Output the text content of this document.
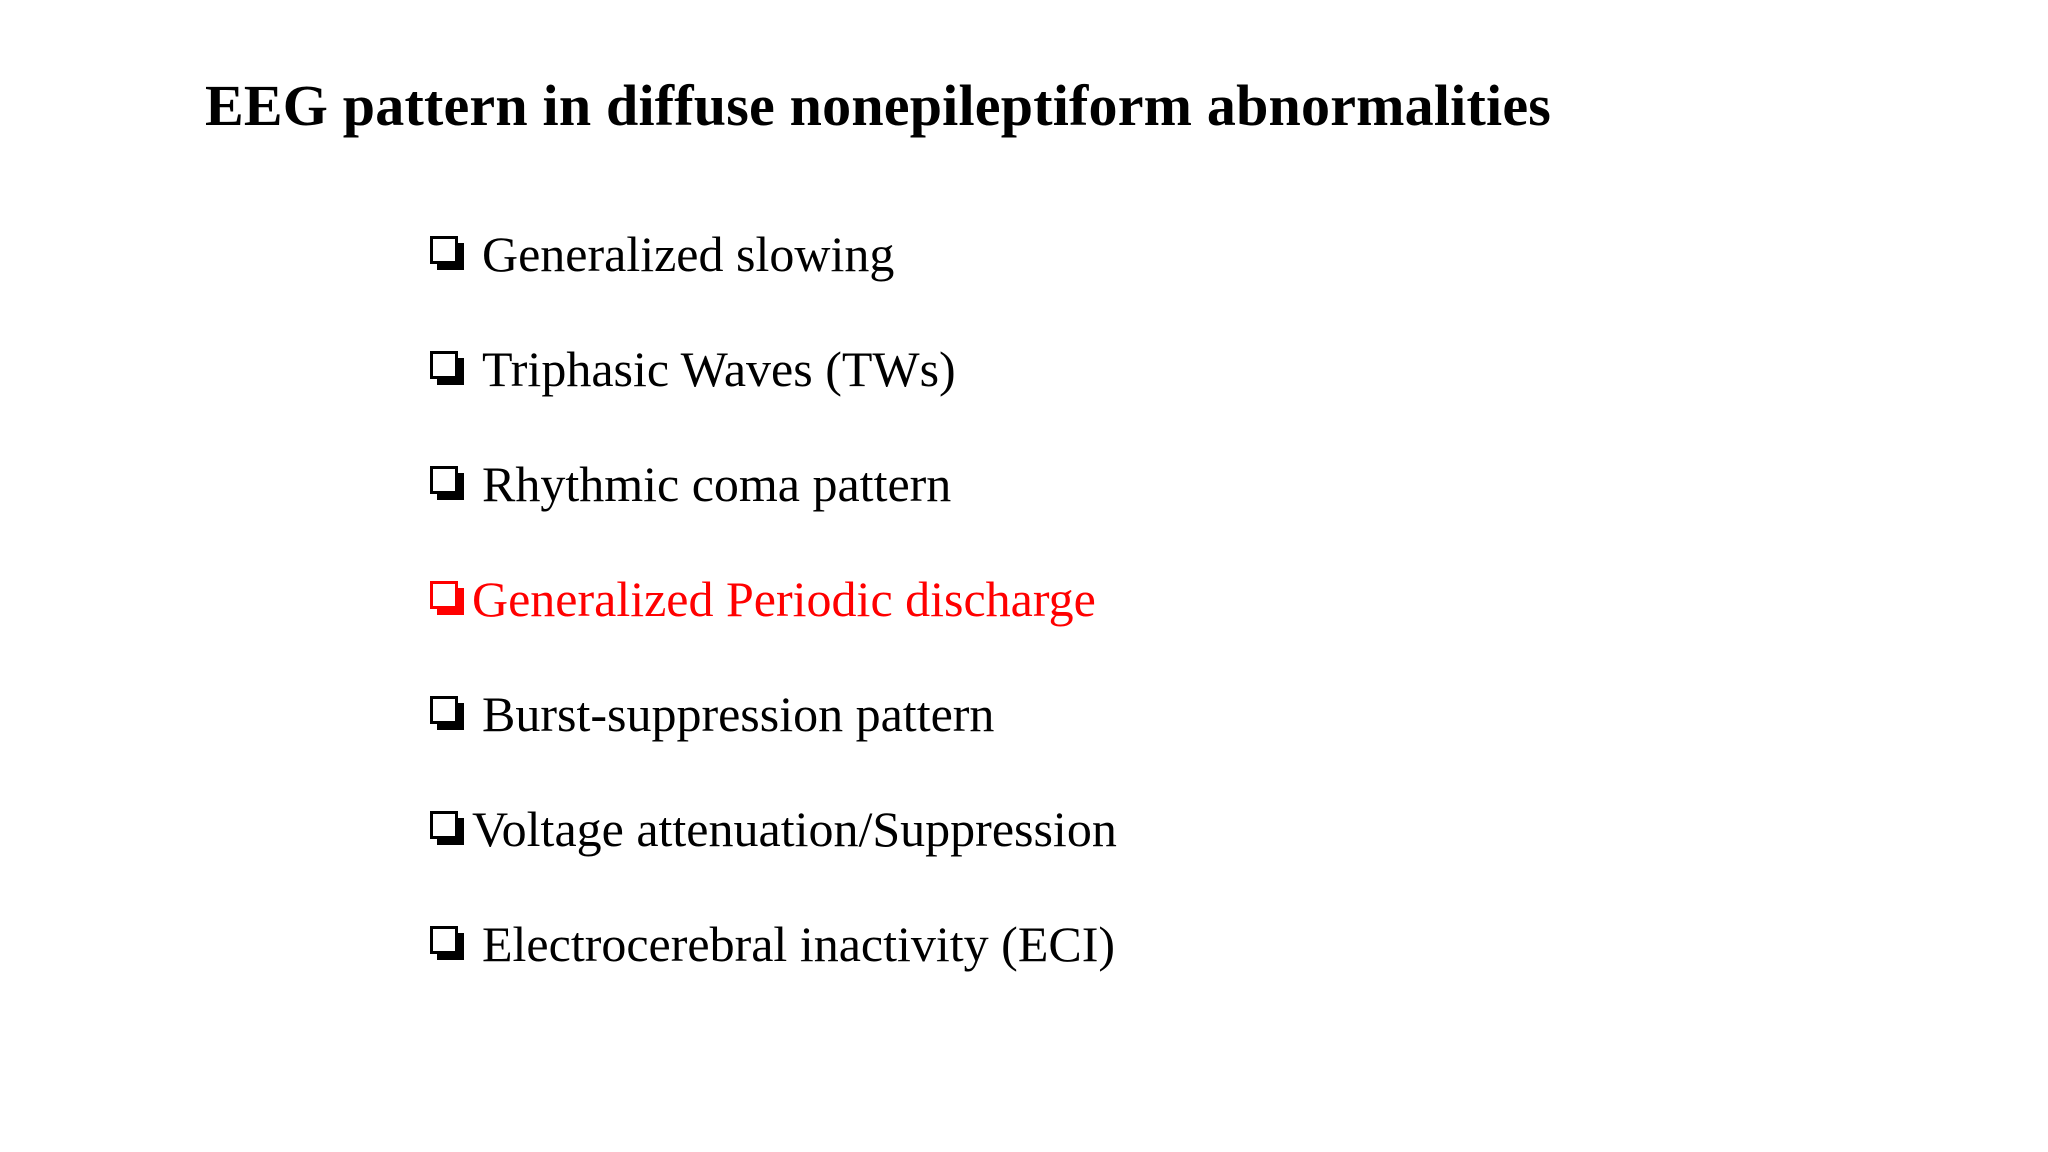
EEG pattern in diffuse nonepileptiform abnormalities
Generalized slowing
Triphasic Waves (TWs)
Rhythmic coma pattern
Generalized Periodic discharge
Burst-suppression pattern
Voltage attenuation/Suppression
Electrocerebral inactivity (ECI)
